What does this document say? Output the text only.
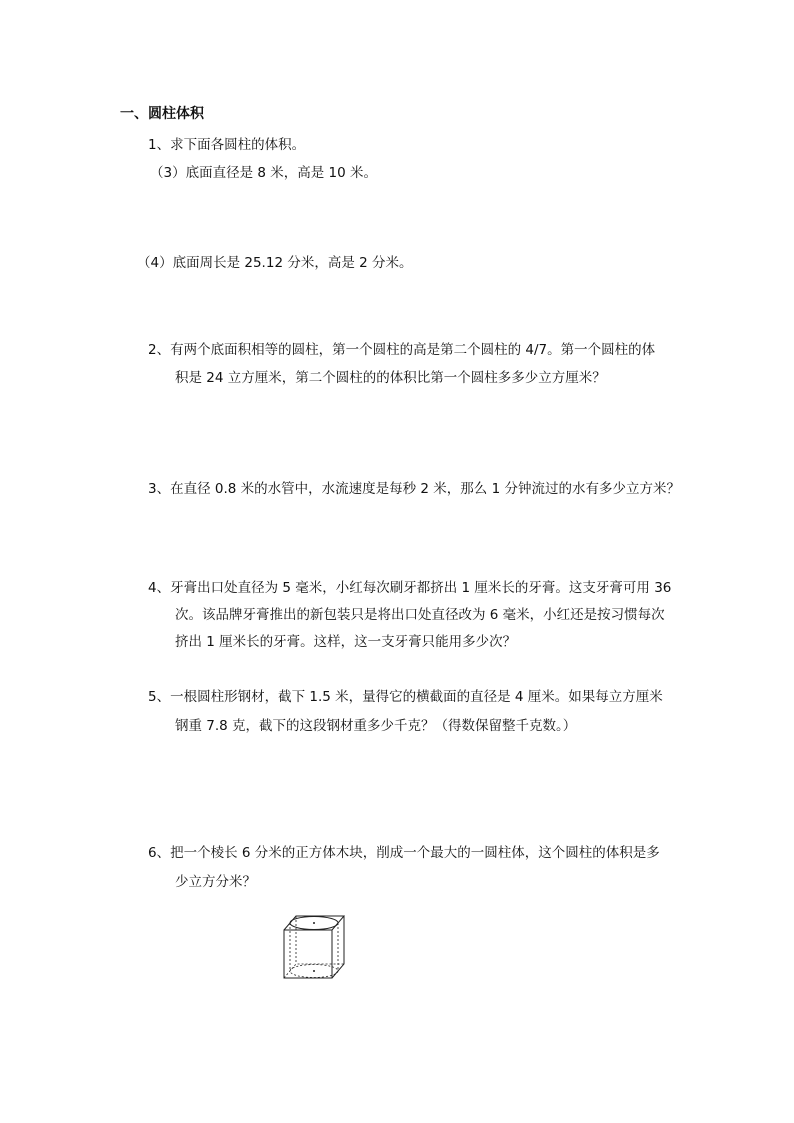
一、圆柱体积
1、求下面各圆柱的体积。
（3）底面直径是 8 米，高是 10 米。
（4）底面周长是 25.12 分米，高是 2 分米。
2、有两个底面积相等的圆柱，第一个圆柱的高是第二个圆柱的 4/7。第一个圆柱的体
积是 24 立方厘米，第二个圆柱的的体积比第一个圆柱多多少立方厘米？
3、在直径 0.8 米的水管中，水流速度是每秒 2 米，那么 1 分钟流过的水有多少立方米？
4、牙膏出口处直径为 5 毫米，小红每次刷牙都挤出 1 厘米长的牙膏。这支牙膏可用 36
次。该品牌牙膏推出的新包装只是将出口处直径改为 6 毫米，小红还是按习惯每次
挤出 1 厘米长的牙膏。这样，这一支牙膏只能用多少次？
5、一根圆柱形钢材，截下 1.5 米，量得它的横截面的直径是 4 厘米。如果每立方厘米
钢重 7.8 克，截下的这段钢材重多少千克？（得数保留整千克数。）
6、把一个棱长 6 分米的正方体木块，削成一个最大的一圆柱体，这个圆柱的体积是多
少立方分米？
